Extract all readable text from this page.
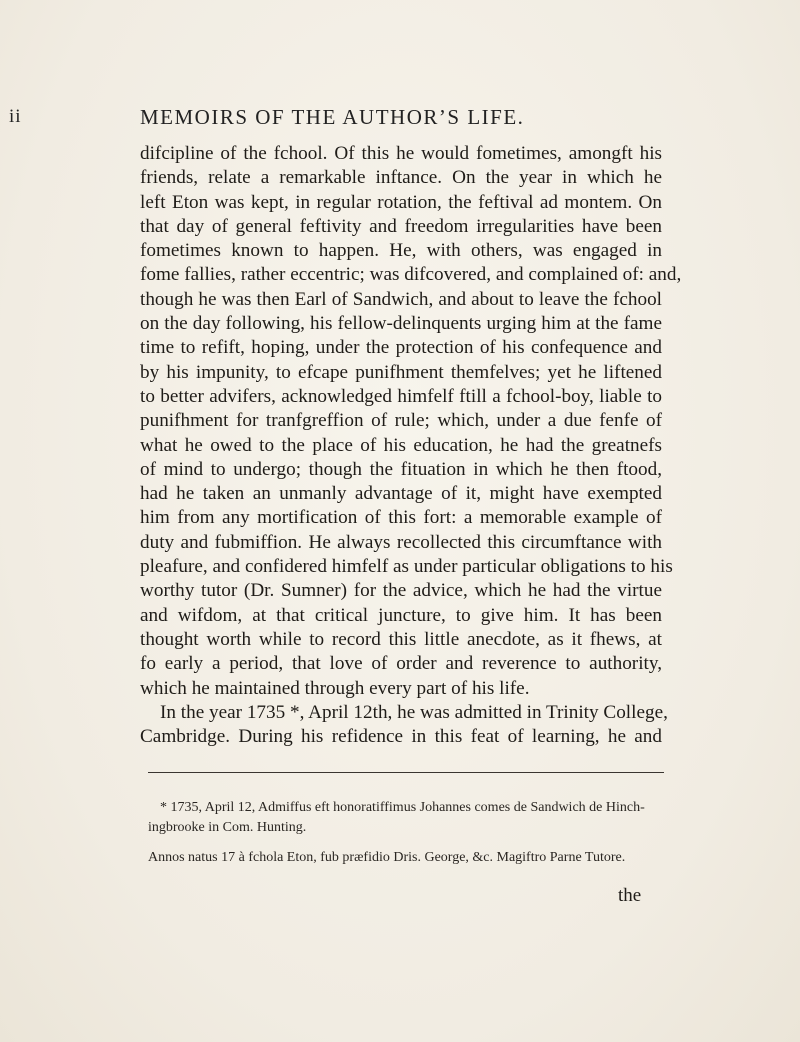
ii	MEMOIRS OF THE AUTHOR’S LIFE.
difcipline of the fchool. Of this he would fometimes, amongft his
friends, relate a remarkable inftance. On the year in which he
left Eton was kept, in regular rotation, the feftival ad montem. On
that day of general feftivity and freedom irregularities have been
fometimes known to happen. He, with others, was engaged in
fome fallies, rather eccentric; was difcovered, and complained of: and,
though he was then Earl of Sandwich, and about to leave the fchool
on the day following, his fellow-delinquents urging him at the fame
time to refift, hoping, under the protection of his confequence and
by his impunity, to efcape punifhment themfelves; yet he liftened
to better advifers, acknowledged himfelf ftill a fchool-boy, liable to
punifhment for tranfgreffion of rule; which, under a due fenfe of
what he owed to the place of his education, he had the greatnefs
of mind to undergo; though the fituation in which he then ftood,
had he taken an unmanly advantage of it, might have exempted
him from any mortification of this fort: a memorable example of
duty and fubmiffion. He always recollected this circumftance with
pleafure, and confidered himfelf as under particular obligations to his
worthy tutor (Dr. Sumner) for the advice, which he had the virtue
and wifdom, at that critical juncture, to give him. It has been
thought worth while to record this little anecdote, as it fhews, at
fo early a period, that love of order and reverence to authority,
which he maintained through every part of his life.
In the year 1735 *, April 12th, he was admitted in Trinity College,
Cambridge. During his refidence in this feat of learning, he and
* 1735, April 12, Admiffus eft honoratiffimus Johannes comes de Sandwich de Hinch-
ingbrooke in Com. Hunting.
Annos natus 17 à fchola Eton, fub præfidio Dris. George, &c. Magiftro Parne Tutore.
the
